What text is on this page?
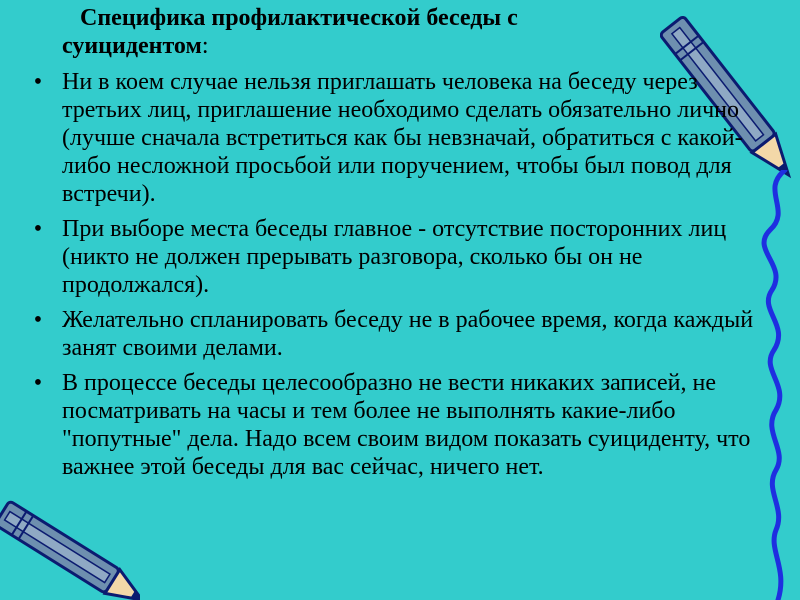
Специфика профилактической беседы с
суицидентом:
• Ни в коем случае нельзя приглашать человека на беседу через третьих лиц, приглашение необходимо сделать обязательно лично (лучше сначала встретиться как бы невзначай, обратиться с какой-либо несложной просьбой или поручением, чтобы был повод для встречи).
• При выборе места беседы главное - отсутствие посторонних лиц (никто не должен прерывать разговора, сколько бы он не продолжался).
• Желательно спланировать беседу не в рабочее время, когда каждый занят своими делами.
• В процессе беседы целесообразно не вести никаких записей, не посматривать на часы и тем более не выполнять какие-либо "попутные" дела. Надо всем своим видом показать суициденту, что важнее этой беседы для вас сейчас, ничего нет.
